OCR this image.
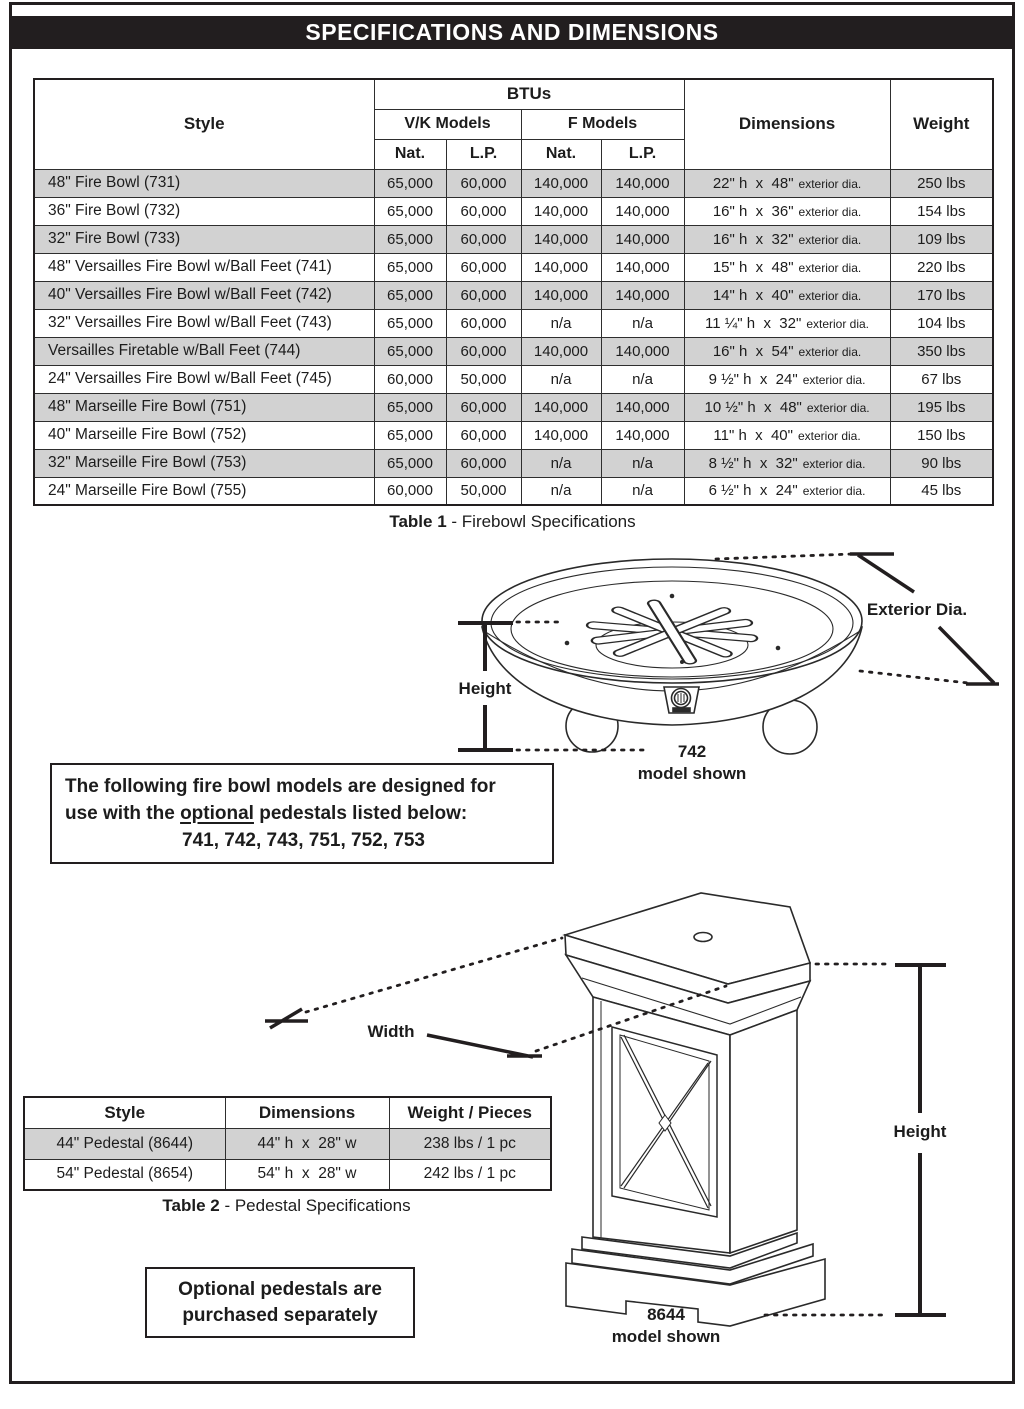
SPECIFICATIONS AND DIMENSIONS
Style	BTUs				Dimensions	Weight
	V/K Models		F Models			
	Nat.	L.P.	Nat.	L.P.		
48" Fire Bowl (731)	65,000	60,000	140,000	140,000	22" h  x  48" exterior dia.	250 lbs
36" Fire Bowl (732)	65,000	60,000	140,000	140,000	16" h  x  36" exterior dia.	154 lbs
32" Fire Bowl (733)	65,000	60,000	140,000	140,000	16" h  x  32" exterior dia.	109 lbs
48" Versailles Fire Bowl w/Ball Feet (741)	65,000	60,000	140,000	140,000	15" h  x  48" exterior dia.	220 lbs
40" Versailles Fire Bowl w/Ball Feet (742)	65,000	60,000	140,000	140,000	14" h  x  40" exterior dia.	170 lbs
32" Versailles Fire Bowl w/Ball Feet (743)	65,000	60,000	n/a	n/a	11 ¼" h  x  32" exterior dia.	104 lbs
Versailles Firetable w/Ball Feet (744)	65,000	60,000	140,000	140,000	16" h  x  54" exterior dia.	350 lbs
24" Versailles Fire Bowl w/Ball Feet (745)	60,000	50,000	n/a	n/a	9 ½" h  x  24" exterior dia.	67 lbs
48" Marseille Fire Bowl (751)	65,000	60,000	140,000	140,000	10 ½" h  x  48" exterior dia.	195 lbs
40" Marseille Fire Bowl (752)	65,000	60,000	140,000	140,000	11" h  x  40" exterior dia.	150 lbs
32" Marseille Fire Bowl (753)	65,000	60,000	n/a	n/a	8 ½" h  x  32" exterior dia.	90 lbs
24" Marseille Fire Bowl (755)	60,000	50,000	n/a	n/a	6 ½" h  x  24" exterior dia.	45 lbs
Table 1 - Firebowl Specifications
Height
Exterior Dia.
742
model shown
The following fire bowl models are designed for
use with the optional pedestals listed below:
741, 742, 743, 751, 752, 753
Height
Width
8644
model shown
Style	Dimensions	Weight / Pieces
44" Pedestal (8644)	44" h  x  28" w	238 lbs / 1 pc
54" Pedestal (8654)	54" h  x  28" w	242 lbs / 1 pc
Table 2 - Pedestal Specifications
Optional pedestals are
purchased separately
